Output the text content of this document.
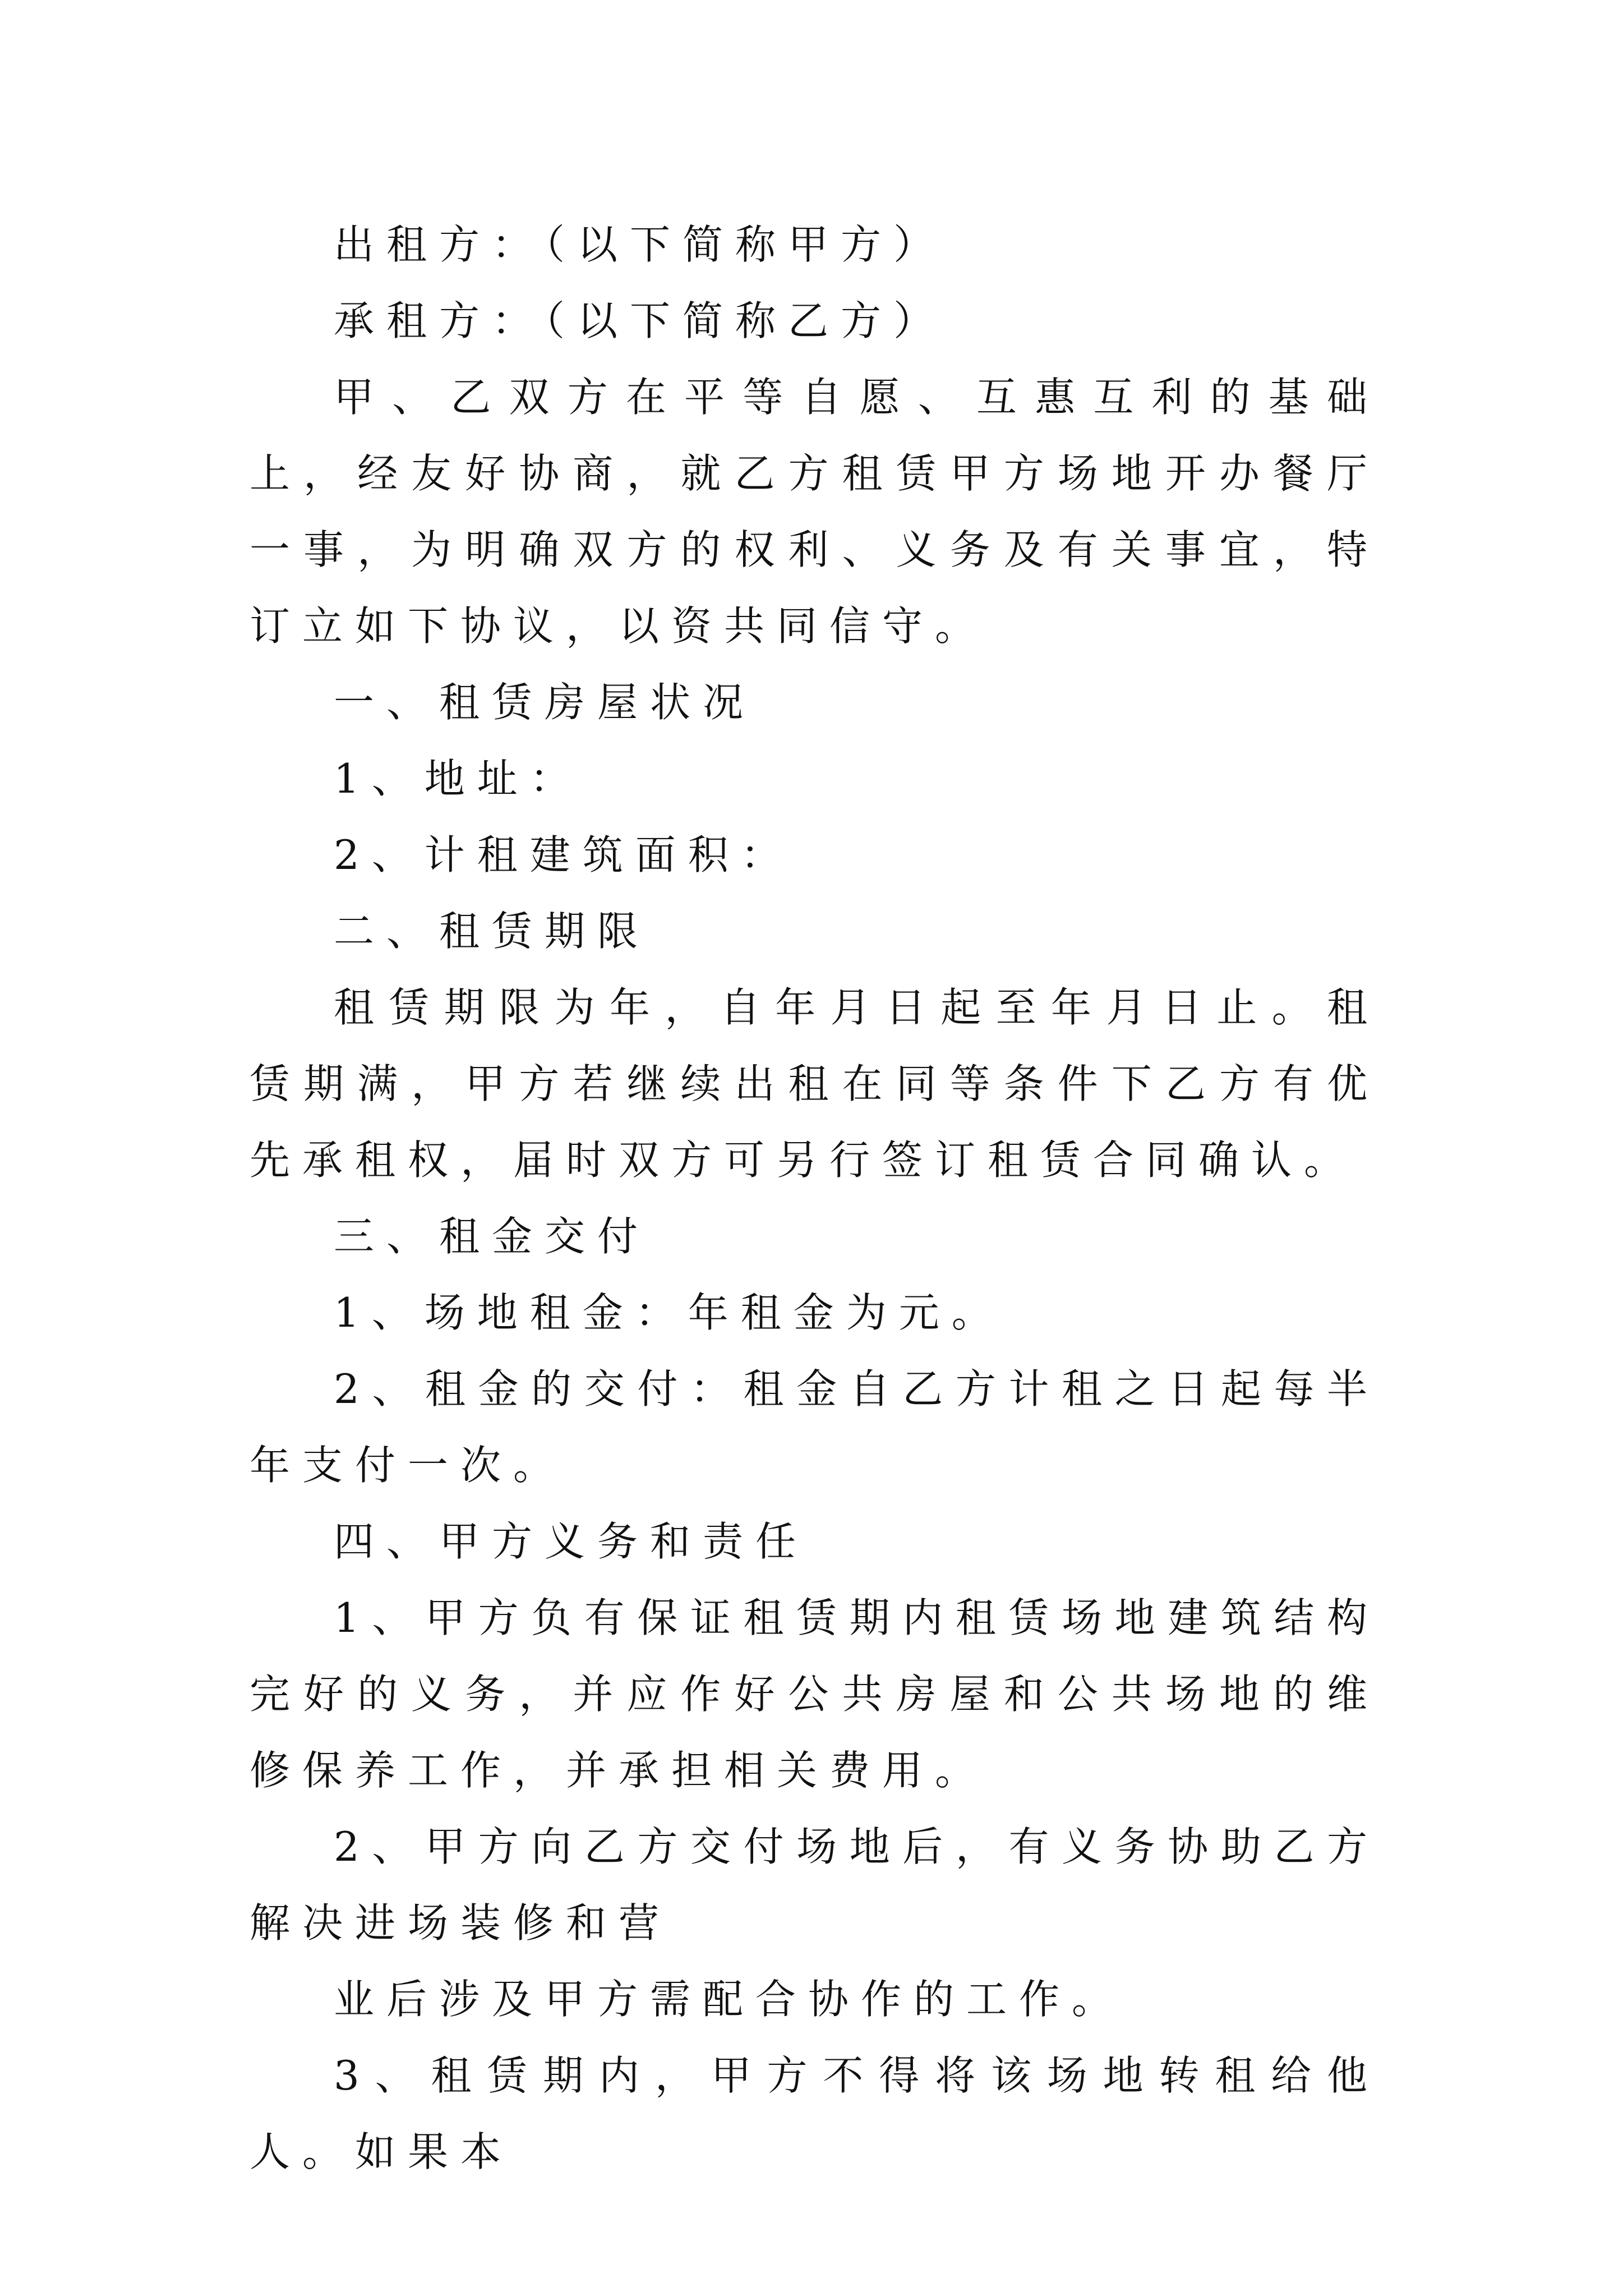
出租方：（以下简称甲方）

承租方：（以下简称乙方）

甲、乙双方在平等自愿、互惠互利的基础上，经友好协商，就乙方租赁甲方场地开办餐厅一事，为明确双方的权利、义务及有关事宜，特订立如下协议，以资共同信守。

一、租赁房屋状况

1、地址：

2、计租建筑面积：

二、租赁期限

租赁期限为年，自年月日起至年月日止。租赁期满，甲方若继续出租在同等条件下乙方有优先承租权，届时双方可另行签订租赁合同确认。

三、租金交付

1、场地租金：年租金为元。

2、租金的交付：租金自乙方计租之日起每半年支付一次。

四、甲方义务和责任

1、甲方负有保证租赁期内租赁场地建筑结构完好的义务，并应作好公共房屋和公共场地的维修保养工作，并承担相关费用。

2、甲方向乙方交付场地后，有义务协助乙方解决进场装修和营

业后涉及甲方需配合协作的工作。

3、租赁期内，甲方不得将该场地转租给他人。如果本
